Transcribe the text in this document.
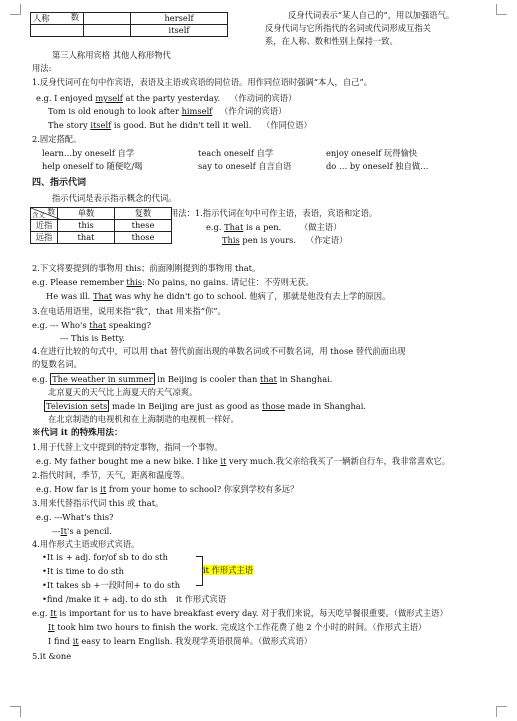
人称 数		herself
		itself
反身代词表示“某人自己的”，用以加强语气。
反身代词与它所指代的名词或代词形成互指关
系，在人称、数和性别上保持一致。
第三人称用宾格 其他人称形物代
用法:
1.反身代词可在句中作宾语，表语及主语或宾语的同位语。用作同位语时强调“本人，自己”。
e.g. I enjoyed myself at the party yesterday. （作动词的宾语）
Tom is old enough to look after himself （作介词的宾语）
The story itself is good. But he didn't tell it well. （作同位语）
2.固定搭配。
learn…by oneself 自学	teach oneself 自学	enjoy oneself 玩得愉快
help oneself to 随便吃/喝	say to oneself 自言自语	do … by oneself 独自做…
四、指示代词
指示代词是表示指示概念的代词。
数
含义	单数	复数
近指	this	these
远指	that	those
用法：1.指示代词在句中可作主语，表语，宾语和定语。
e.g. That is a pen. （做主语）
This pen is yours. （作定语）
2.下文将要提到的事物用 this；前面刚刚提到的事物用 that。
e.g. Please remember this: No pains, no gains. 请记住：不劳则无获。
He was ill. That was why he didn't go to school. 他病了，那就是他没有去上学的原因。
3.在电话用语里，说用来指“我”，that 用来指“你”。
e.g. --- Who's that speaking?
--- This is Betty.
4.在进行比较的句式中，可以用 that 替代前面出现的单数名词或不可数名词，用 those 替代前面出现
的复数名词。
e.g. The weather in summer in Beijing is cooler than that in Shanghai.
北京夏天的天气比上海夏天的天气凉爽。
Television sets made in Beijing are just as good as those made in Shanghai.
在北京制造的电视机和在上海制造的电视机一样好。
※代词 it 的特殊用法：
1.用于代替上文中提到的特定事物，指同一个事物。
e.g. My father bought me a new bike. I like it very much.我父亲给我买了一辆新自行车，我非常喜欢它。
2.指代时间，季节，天气，距离和温度等。
e.g. How far is it from your home to school? 你家到学校有多远？
3.用来代替指示代词 this 或 that。
e.g. ---What's this?
---It's a pencil.
4.用作形式主语或形式宾语。
•It is + adj. for/of sb to do sth
•It is time to do sth
•It takes sb +一段时间+ to do sth
it 作形式主语
•find /make it + adj. to do sth it 作形式宾语
e.g. It is important for us to have breakfast every day. 对于我们来说，每天吃早餐很重要。（做形式主语）
It took him two hours to finish the work. 完成这个工作花费了他 2 个小时的时间。（作形式主语）
I find it easy to learn English. 我发现学英语很简单。（做形式宾语）
5.it &one
